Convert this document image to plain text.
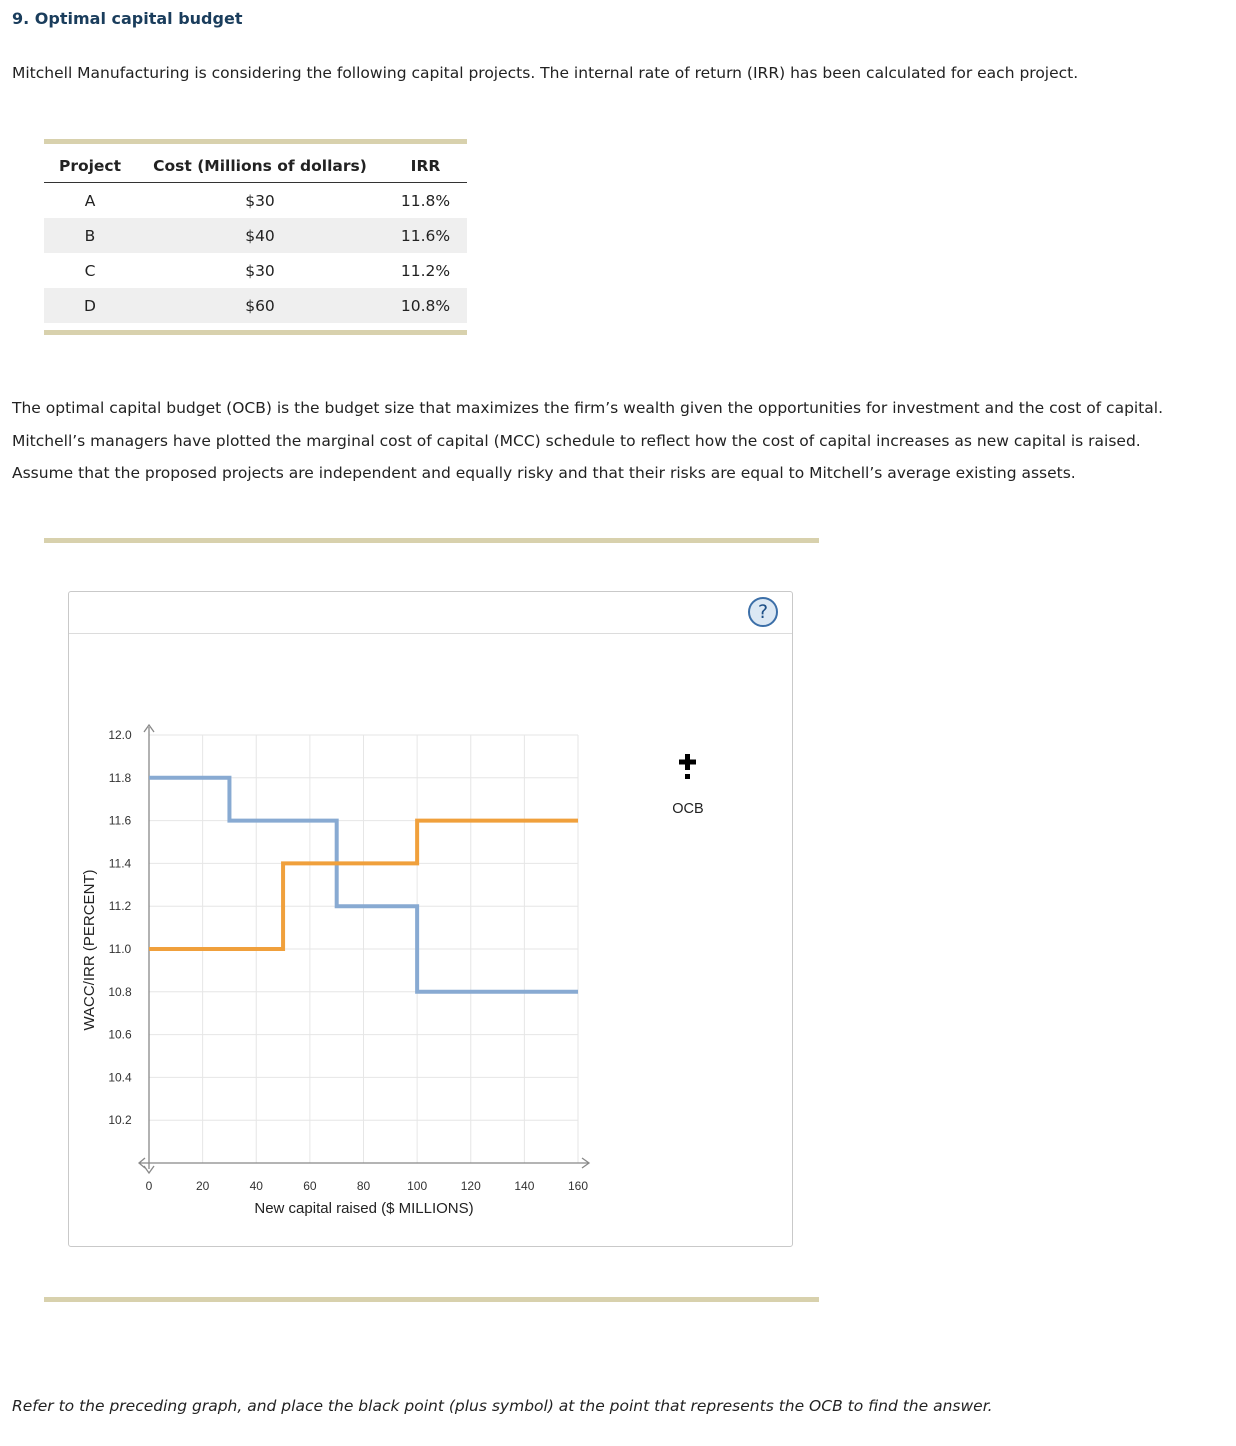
9. Optimal capital budget

Mitchell Manufacturing is considering the following capital projects. The internal rate of return (IRR) has been calculated for each project.

Project	Cost (Millions of dollars)	IRR
A	$30	11.8%
B	$40	11.6%
C	$30	11.2%
D	$60	10.8%
The optimal capital budget (OCB) is the budget size that maximizes the firm’s wealth given the opportunities for investment and the cost of capital.
Mitchell’s managers have plotted the marginal cost of capital (MCC) schedule to reflect how the cost of capital increases as new capital is raised.
Assume that the proposed projects are independent and equally risky and that their risks are equal to Mitchell’s average existing assets.
?
10.2
10.4
10.6
10.8
11.0
11.2
11.4
11.6
11.8
12.0
0	20	40	60	80	100	120	140	160
New capital raised ($ MILLIONS)
WACC/IRR (PERCENT)
OCB

Refer to the preceding graph, and place the black point (plus symbol) at the point that represents the OCB to find the answer.
